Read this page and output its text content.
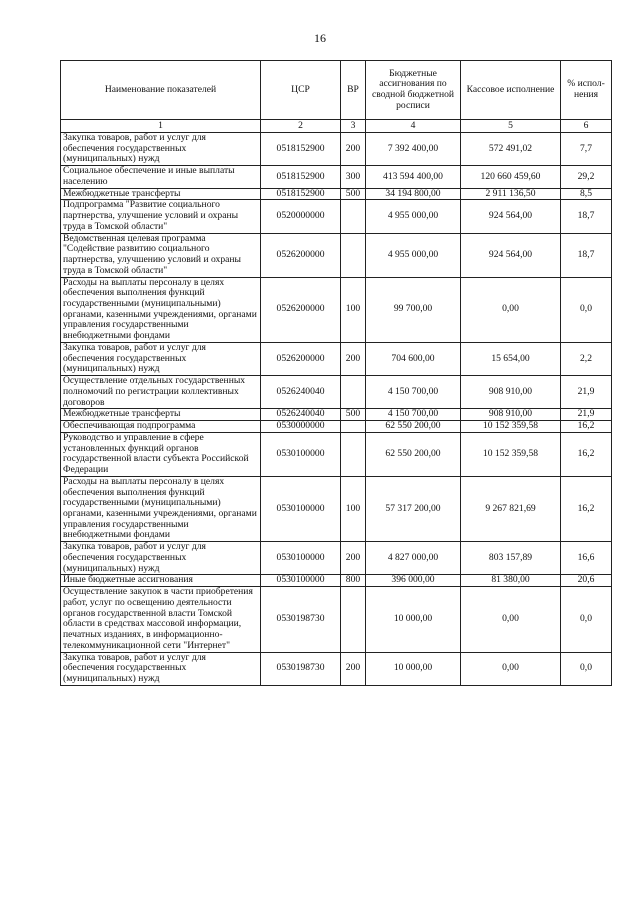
16
Наименование показателей	ЦСР	ВР	Бюджетные ассигнования по сводной бюджетной росписи	Кассовое исполнение	% испол-нения
1	2	3	4	5	6
Закупка товаров, работ и услуг для обеспечения государственных (муниципальных) нужд	0518152900	200	7 392 400,00	572 491,02	7,7
Социальное обеспечение и иные выплаты населению	0518152900	300	413 594 400,00	120 660 459,60	29,2
Межбюджетные трансферты	0518152900	500	34 194 800,00	2 911 136,50	8,5
Подпрограмма "Развитие социального партнерства, улучшение условий и охраны труда в Томской области"	0520000000		4 955 000,00	924 564,00	18,7
Ведомственная целевая программа "Содействие развитию социального партнерства, улучшению условий и охраны труда в Томской области"	0526200000		4 955 000,00	924 564,00	18,7
Расходы на выплаты персоналу в целях обеспечения выполнения функций государственными (муниципальными) органами, казенными учреждениями, органами управления государственными внебюджетными фондами	0526200000	100	99 700,00	0,00	0,0
Закупка товаров, работ и услуг для обеспечения государственных (муниципальных) нужд	0526200000	200	704 600,00	15 654,00	2,2
Осуществление отдельных государственных полномочий по регистрации коллективных договоров	0526240040		4 150 700,00	908 910,00	21,9
Межбюджетные трансферты	0526240040	500	4 150 700,00	908 910,00	21,9
Обеспечивающая подпрограмма	0530000000		62 550 200,00	10 152 359,58	16,2
Руководство и управление в сфере установленных функций органов государственной власти субъекта Российской Федерации	0530100000		62 550 200,00	10 152 359,58	16,2
Расходы на выплаты персоналу в целях обеспечения выполнения функций государственными (муниципальными) органами, казенными учреждениями, органами управления государственными внебюджетными фондами	0530100000	100	57 317 200,00	9 267 821,69	16,2
Закупка товаров, работ и услуг для обеспечения государственных (муниципальных) нужд	0530100000	200	4 827 000,00	803 157,89	16,6
Иные бюджетные ассигнования	0530100000	800	396 000,00	81 380,00	20,6
Осуществление закупок в части приобретения работ, услуг по освещению деятельности органов государственной власти Томской области в средствах массовой информации, печатных изданиях, в информационно-телекоммуникационной сети "Интернет"	0530198730		10 000,00	0,00	0,0
Закупка товаров, работ и услуг для обеспечения государственных (муниципальных) нужд	0530198730	200	10 000,00	0,00	0,0
